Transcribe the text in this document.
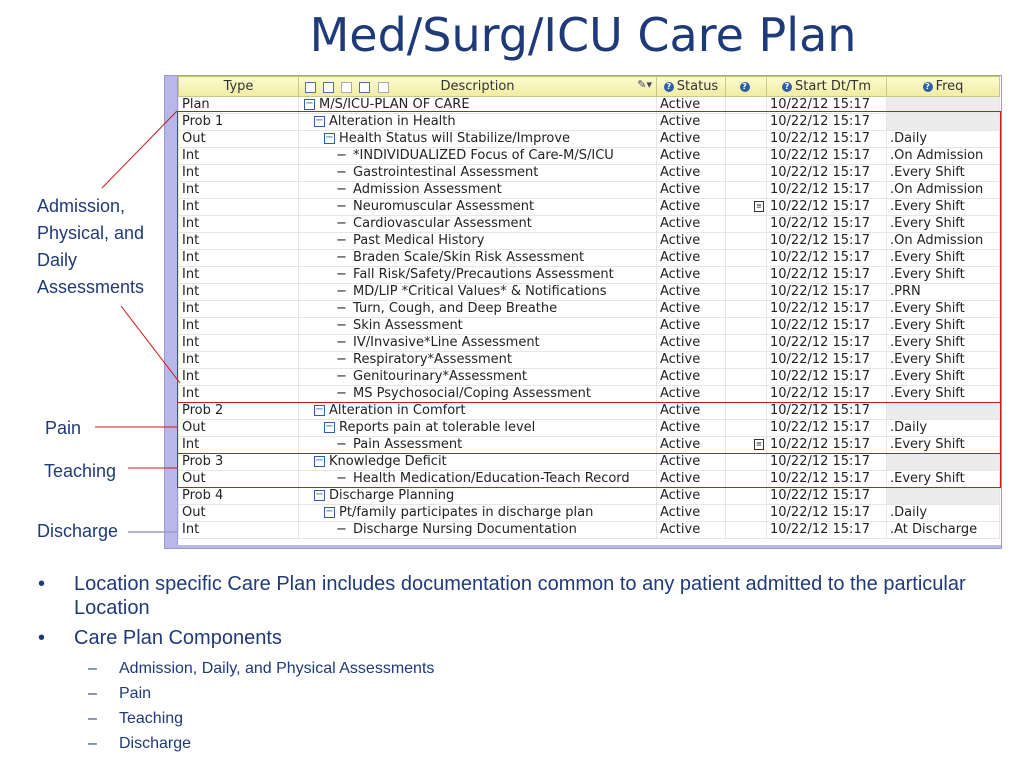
Med/Surg/ICU Care Plan
Type	Description ✎▾	? Status	?	? Start Dt/Tm	? Freq
Plan	− M/S/ICU-PLAN OF CARE	Active		10/22/12 15:17	
Prob 1	− Alteration in Health	Active		10/22/12 15:17	
Out	− Health Status will Stabilize/Improve	Active		10/22/12 15:17	.Daily
Int	− *INDIVIDUALIZED Focus of Care-M/S/ICU	Active		10/22/12 15:17	.On Admission
Int	− Gastrointestinal Assessment	Active		10/22/12 15:17	.Every Shift
Int	− Admission Assessment	Active		10/22/12 15:17	.On Admission
Int	− Neuromuscular Assessment	Active	≡	10/22/12 15:17	.Every Shift
Int	− Cardiovascular Assessment	Active		10/22/12 15:17	.Every Shift
Int	− Past Medical History	Active		10/22/12 15:17	.On Admission
Int	− Braden Scale/Skin Risk Assessment	Active		10/22/12 15:17	.Every Shift
Int	− Fall Risk/Safety/Precautions Assessment	Active		10/22/12 15:17	.Every Shift
Int	− MD/LIP *Critical Values* & Notifications	Active		10/22/12 15:17	.PRN
Int	− Turn, Cough, and Deep Breathe	Active		10/22/12 15:17	.Every Shift
Int	− Skin Assessment	Active		10/22/12 15:17	.Every Shift
Int	− IV/Invasive*Line Assessment	Active		10/22/12 15:17	.Every Shift
Int	− Respiratory*Assessment	Active		10/22/12 15:17	.Every Shift
Int	− Genitourinary*Assessment	Active		10/22/12 15:17	.Every Shift
Int	− MS Psychosocial/Coping Assessment	Active		10/22/12 15:17	.Every Shift
Prob 2	− Alteration in Comfort	Active		10/22/12 15:17	
Out	− Reports pain at tolerable level	Active		10/22/12 15:17	.Daily
Int	− Pain Assessment	Active	≡	10/22/12 15:17	.Every Shift
Prob 3	− Knowledge Deficit	Active		10/22/12 15:17	
Out	− Health Medication/Education-Teach Record	Active		10/22/12 15:17	.Every Shift
Prob 4	− Discharge Planning	Active		10/22/12 15:17	
Out	− Pt/family participates in discharge plan	Active		10/22/12 15:17	.Daily
Int	− Discharge Nursing Documentation	Active		10/22/12 15:17	.At Discharge
Admission,
Physical, and
Daily
Assessments
Pain
Teaching
Discharge
• Location specific Care Plan includes documentation common to any patient admitted to the particular Location
• Care Plan Components
– Admission, Daily, and Physical Assessments
– Pain
– Teaching
– Discharge
